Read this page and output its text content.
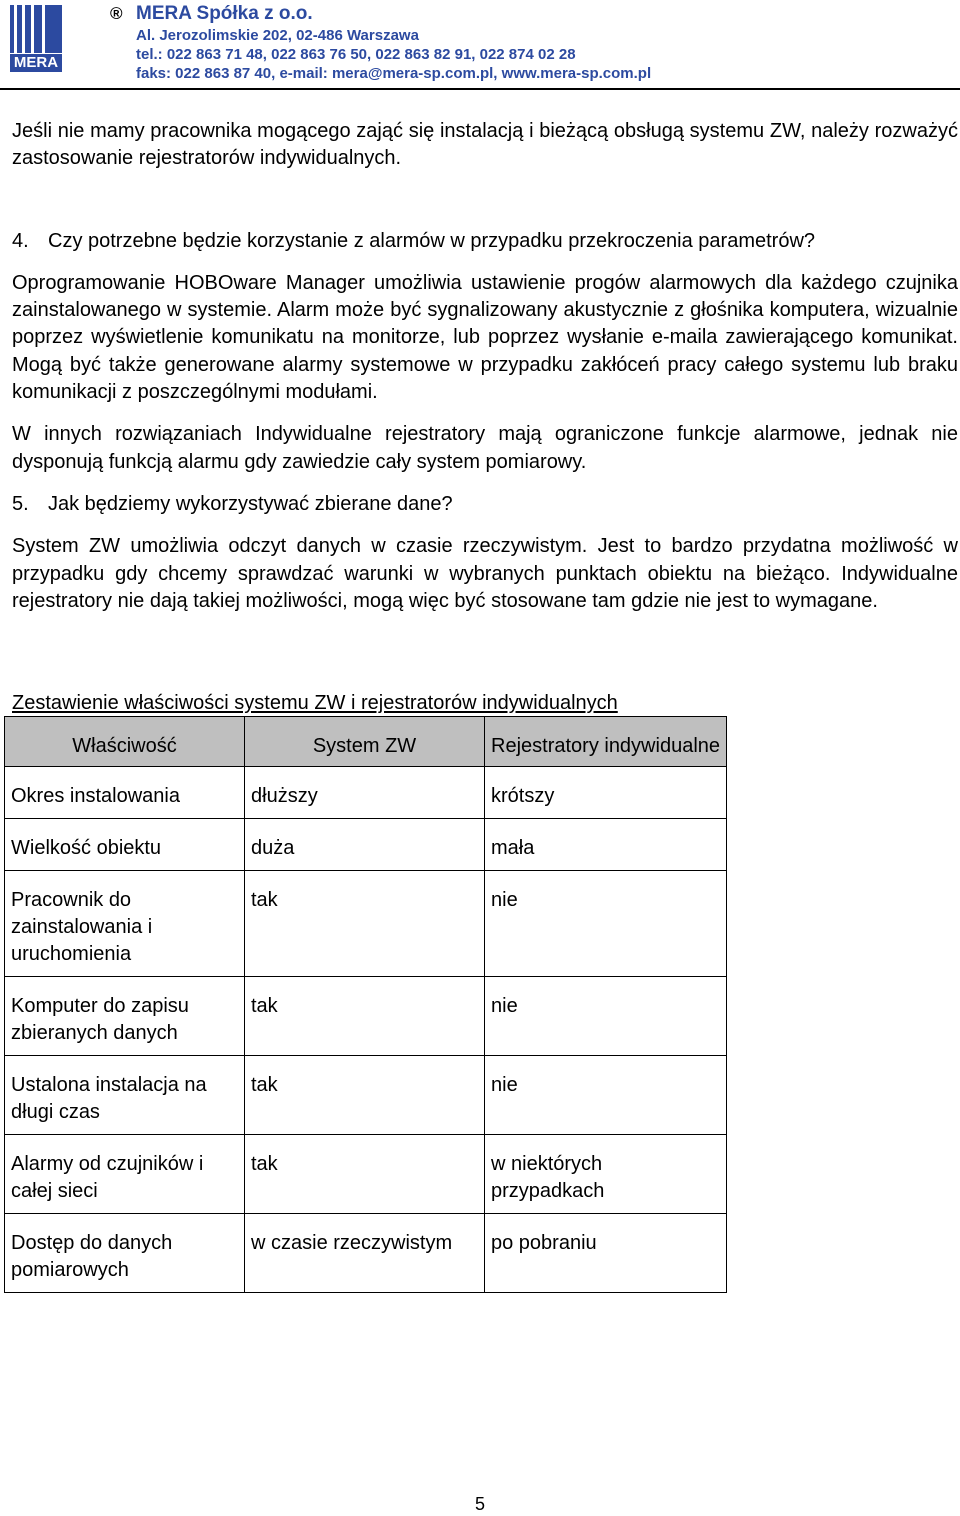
MERA
® MERA Spółka z o.o.
Al. Jerozolimskie 202, 02-486 Warszawa
tel.: 022 863 71 48, 022 863 76 50, 022 863 82 91, 022 874 02 28
faks: 022 863 87 40, e-mail: mera@mera-sp.com.pl, www.mera-sp.com.pl

Jeśli nie mamy pracownika mogącego zająć się instalacją i bieżącą obsługą systemu ZW, należy rozważyć zastosowanie rejestratorów indywidualnych.

4. Czy potrzebne będzie korzystanie z alarmów w przypadku przekroczenia parametrów?

Oprogramowanie HOBOware Manager umożliwia ustawienie progów alarmowych dla każdego czujnika zainstalowanego w systemie. Alarm może być sygnalizowany akustycznie z głośnika komputera, wizualnie poprzez wyświetlenie komunikatu na monitorze, lub poprzez wysłanie e-maila zawierającego komunikat. Mogą być także generowane alarmy systemowe w przypadku zakłóceń pracy całego systemu lub braku komunikacji z poszczególnymi modułami.

W innych rozwiązaniach Indywidualne rejestratory mają ograniczone funkcje alarmowe, jednak nie dysponują funkcją alarmu gdy zawiedzie cały system pomiarowy.

5. Jak będziemy wykorzystywać zbierane dane?

System ZW umożliwia odczyt danych w czasie rzeczywistym. Jest to bardzo przydatna możliwość w przypadku gdy chcemy sprawdzać warunki w wybranych punktach obiektu na bieżąco. Indywidualne rejestratory nie dają takiej możliwości, mogą więc być stosowane tam gdzie nie jest to wymagane.

Zestawienie właściwości systemu ZW i rejestratorów indywidualnych
Właściwość	System ZW	Rejestratory indywidualne
Okres instalowania	dłuższy	krótszy
Wielkość obiektu	duża	mała
Pracownik do zainstalowania i uruchomienia	tak	nie
Komputer do zapisu zbieranych danych	tak	nie
Ustalona instalacja na długi czas	tak	nie
Alarmy od czujników i całej sieci	tak	w niektórych przypadkach
Dostęp do danych pomiarowych	w czasie rzeczywistym	po pobraniu
5
